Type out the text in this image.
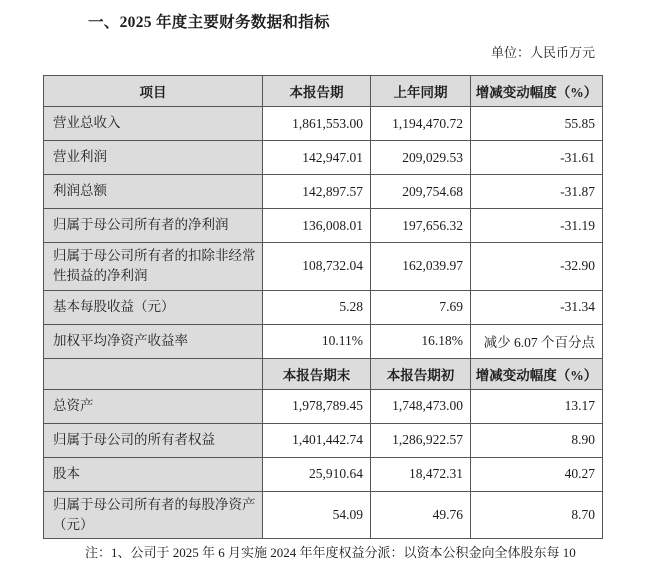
一、2025 年度主要财务数据和指标
单位：人民币万元
项目	本报告期	上年同期	增减变动幅度（%）
营业总收入	1,861,553.00	1,194,470.72	55.85
营业利润	142,947.01	209,029.53	-31.61
利润总额	142,897.57	209,754.68	-31.87
归属于母公司所有者的净利润	136,008.01	197,656.32	-31.19
归属于母公司所有者的扣除非经常性损益的净利润	108,732.04	162,039.97	-32.90
基本每股收益（元）	5.28	7.69	-31.34
加权平均净资产收益率	10.11%	16.18%	减少 6.07 个百分点
	本报告期末	本报告期初	增减变动幅度（%）
总资产	1,978,789.45	1,748,473.00	13.17
归属于母公司的所有者权益	1,401,442.74	1,286,922.57	8.90
股本	25,910.64	18,472.31	40.27
归属于母公司所有者的每股净资产（元）	54.09	49.76	8.70
注：1、公司于 2025 年 6 月实施 2024 年年度权益分派：以资本公积金向全体股东每 10
